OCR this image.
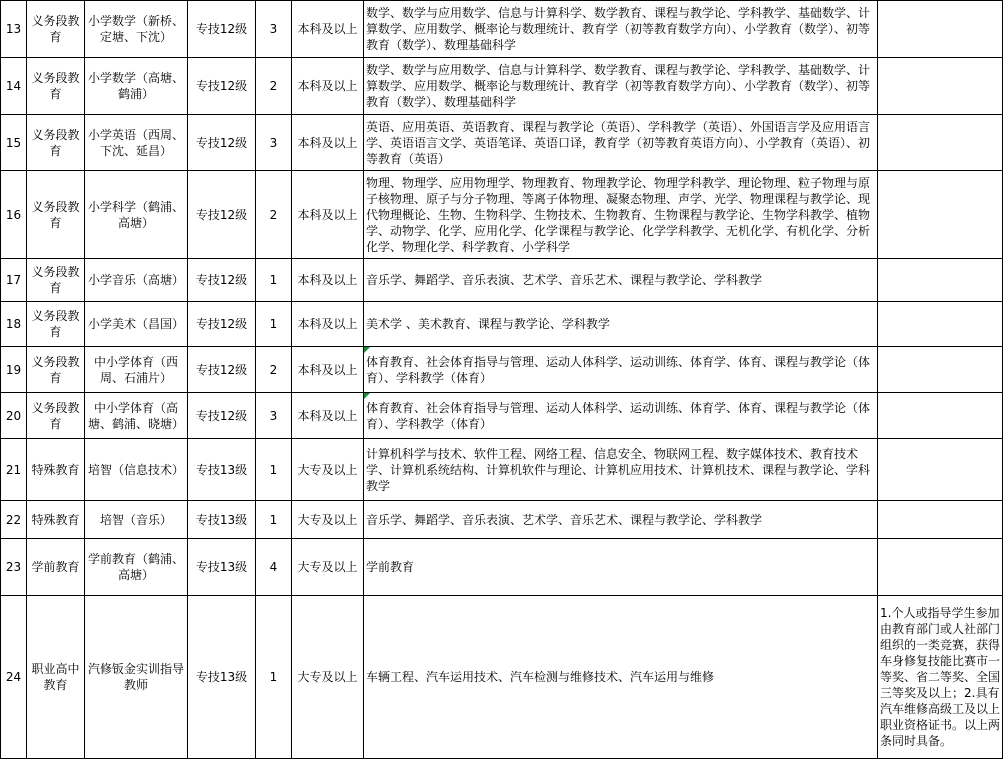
13	义务段教育	小学数学（新桥、定塘、下沈）	专技12级	3	本科及以上	数学、数学与应用数学、信息与计算科学、数学教育、课程与教学论、学科教学、基础数学、计算数学、应用数学、概率论与数理统计、教育学（初等教育数学方向）、小学教育（数学）、初等教育（数学）、数理基础科学	
14	义务段教育	小学数学（高塘、鹤浦）	专技12级	2	本科及以上	数学、数学与应用数学、信息与计算科学、数学教育、课程与教学论、学科教学、基础数学、计算数学、应用数学、概率论与数理统计、教育学（初等教育数学方向）、小学教育（数学）、初等教育（数学）、数理基础科学	
15	义务段教育	小学英语（西周、下沈、延昌）	专技12级	3	本科及以上	英语、应用英语、英语教育、课程与教学论（英语）、学科教学（英语）、外国语言学及应用语言学、英语语言文学、英语笔译、英语口译，教育学（初等教育英语方向）、小学教育（英语）、初等教育（英语）	
16	义务段教育	小学科学（鹤浦、高塘）	专技12级	2	本科及以上	物理、物理学、应用物理学、物理教育、物理教学论、物理学科教学、理论物理、粒子物理与原子核物理、原子与分子物理、等离子体物理、凝聚态物理、声学、光学、物理课程与教学论、现代物理概论、生物、生物科学、生物技术、生物教育、生物课程与教学论、生物学科教学、植物学、动物学、化学、应用化学、化学课程与教学论、化学学科教学、无机化学、有机化学、分析化学、物理化学、科学教育、小学科学	
17	义务段教育	小学音乐（高塘）	专技12级	1	本科及以上	音乐学、舞蹈学、音乐表演、艺术学、音乐艺术、课程与教学论、学科教学	
18	义务段教育	小学美术（昌国）	专技12级	1	本科及以上	美术学 、美术教育、课程与教学论、学科教学	
19	义务段教育	中小学体育（西周、石浦片）	专技12级	2	本科及以上	体育教育、社会体育指导与管理、运动人体科学、运动训练、体育学、体育、课程与教学论（体育）、学科教学（体育）	
20	义务段教育	中小学体育（高塘、鹤浦、晓塘）	专技12级	3	本科及以上	体育教育、社会体育指导与管理、运动人体科学、运动训练、体育学、体育、课程与教学论（体育）、学科教学（体育）	
21	特殊教育	培智（信息技术）	专技13级	1	大专及以上	计算机科学与技术、软件工程、网络工程、信息安全、物联网工程、数字媒体技术、教育技术学、计算机系统结构、计算机软件与理论、计算机应用技术、计算机技术、课程与教学论、学科教学	
22	特殊教育	培智（音乐）	专技13级	1	大专及以上	音乐学、舞蹈学、音乐表演、艺术学、音乐艺术、课程与教学论、学科教学	
23	学前教育	学前教育（鹤浦、高塘）	专技13级	4	大专及以上	学前教育	
24	职业高中教育	汽修钣金实训指导教师	专技13级	1	大专及以上	车辆工程、汽车运用技术、汽车检测与维修技术、汽车运用与维修	1.个人或指导学生参加由教育部门或人社部门组织的一类竞赛，获得车身修复技能比赛市一等奖、省二等奖、全国三等奖及以上；2.具有汽车维修高级工及以上职业资格证书。以上两条同时具备。
